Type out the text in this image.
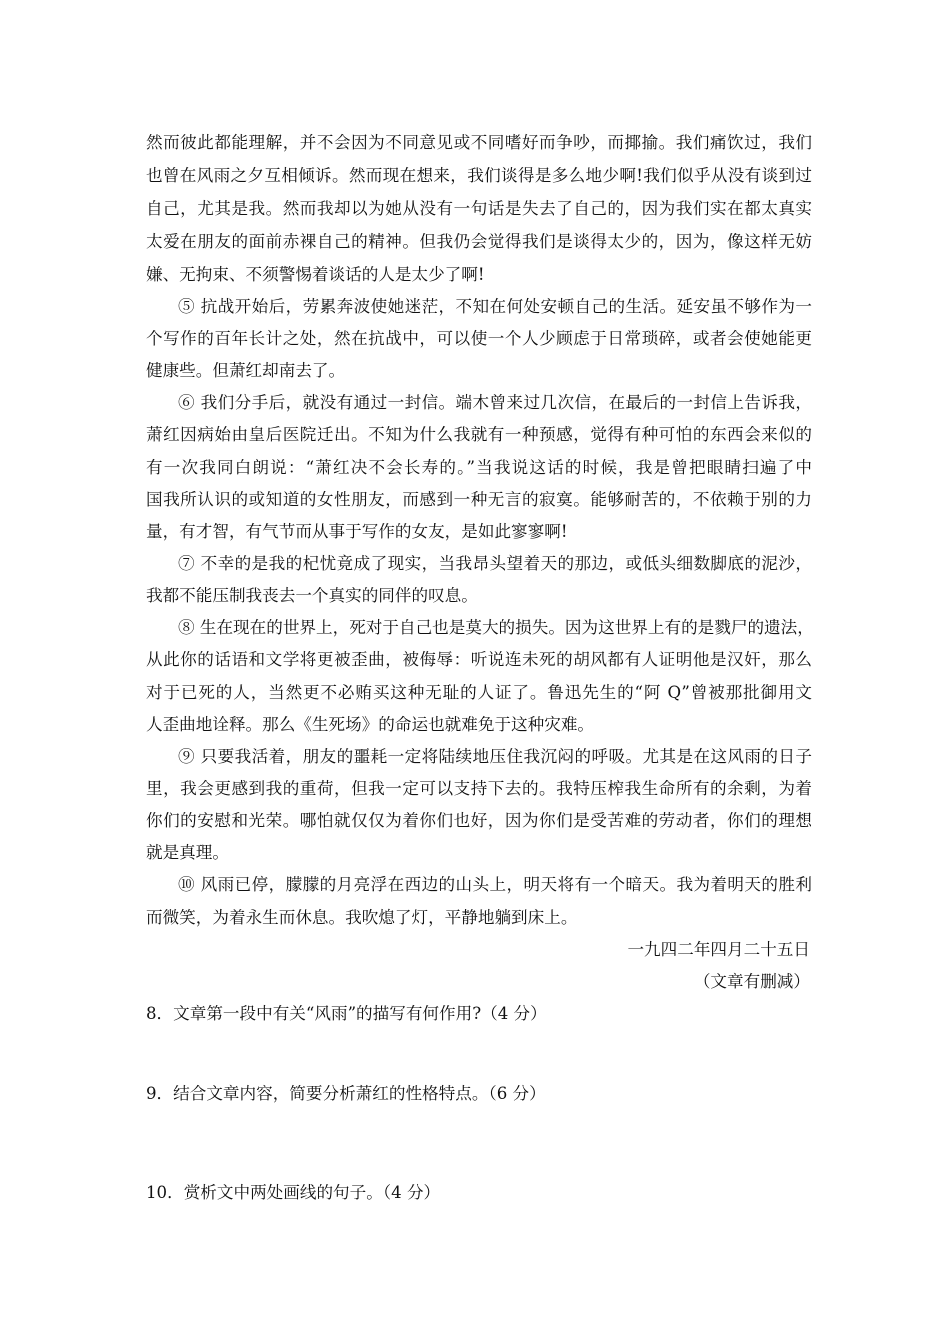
然而彼此都能理解，并不会因为不同意见或不同嗜好而争吵，而揶揄。我们痛饮过，我们
也曾在风雨之夕互相倾诉。然而现在想来，我们谈得是多么地少啊!我们似乎从没有谈到过
自己，尤其是我。然而我却以为她从没有一句话是失去了自己的，因为我们实在都太真实
太爱在朋友的面前赤裸自己的精神。但我仍会觉得我们是谈得太少的，因为，像这样无妨
嫌、无拘束、不须警惕着谈话的人是太少了啊!
⑤ 抗战开始后，劳累奔波使她迷茫，不知在何处安顿自己的生活。延安虽不够作为一
个写作的百年长计之处，然在抗战中，可以使一个人少顾虑于日常琐碎，或者会使她能更
健康些。但萧红却南去了。
⑥ 我们分手后，就没有通过一封信。端木曾来过几次信，在最后的一封信上告诉我，
萧红因病始由皇后医院迁出。不知为什么我就有一种预感，觉得有种可怕的东西会来似的
有一次我同白朗说：“萧红决不会长寿的。”当我说这话的时候，我是曾把眼睛扫遍了中
国我所认识的或知道的女性朋友，而感到一种无言的寂寞。能够耐苦的，不依赖于别的力
量，有才智，有气节而从事于写作的女友，是如此寥寥啊!
⑦ 不幸的是我的杞忧竟成了现实，当我昂头望着天的那边，或低头细数脚底的泥沙，
我都不能压制我丧去一个真实的同伴的叹息。
⑧ 生在现在的世界上，死对于自己也是莫大的损失。因为这世界上有的是戮尸的遗法，
从此你的话语和文学将更被歪曲，被侮辱：听说连未死的胡风都有人证明他是汉奸，那么
对于已死的人，当然更不必贿买这种无耻的人证了。鲁迅先生的“阿 Q”曾被那批御用文
人歪曲地诠释。那么《生死场》的命运也就难免于这种灾难。
⑨ 只要我活着，朋友的噩耗一定将陆续地压住我沉闷的呼吸。尤其是在这风雨的日子
里，我会更感到我的重荷，但我一定可以支持下去的。我特压榨我生命所有的余剩，为着
你们的安慰和光荣。哪怕就仅仅为着你们也好，因为你们是受苦难的劳动者，你们的理想
就是真理。
⑩ 风雨已停，朦朦的月亮浮在西边的山头上，明天将有一个暗天。我为着明天的胜利
而微笑，为着永生而休息。我吹熄了灯，平静地躺到床上。
一九四二年四月二十五日
（文章有删减）
8．文章第一段中有关“风雨”的描写有何作用?（4 分）
9．结合文章内容，简要分析萧红的性格特点。（6 分）
10．赏析文中两处画线的句子。（4 分）
